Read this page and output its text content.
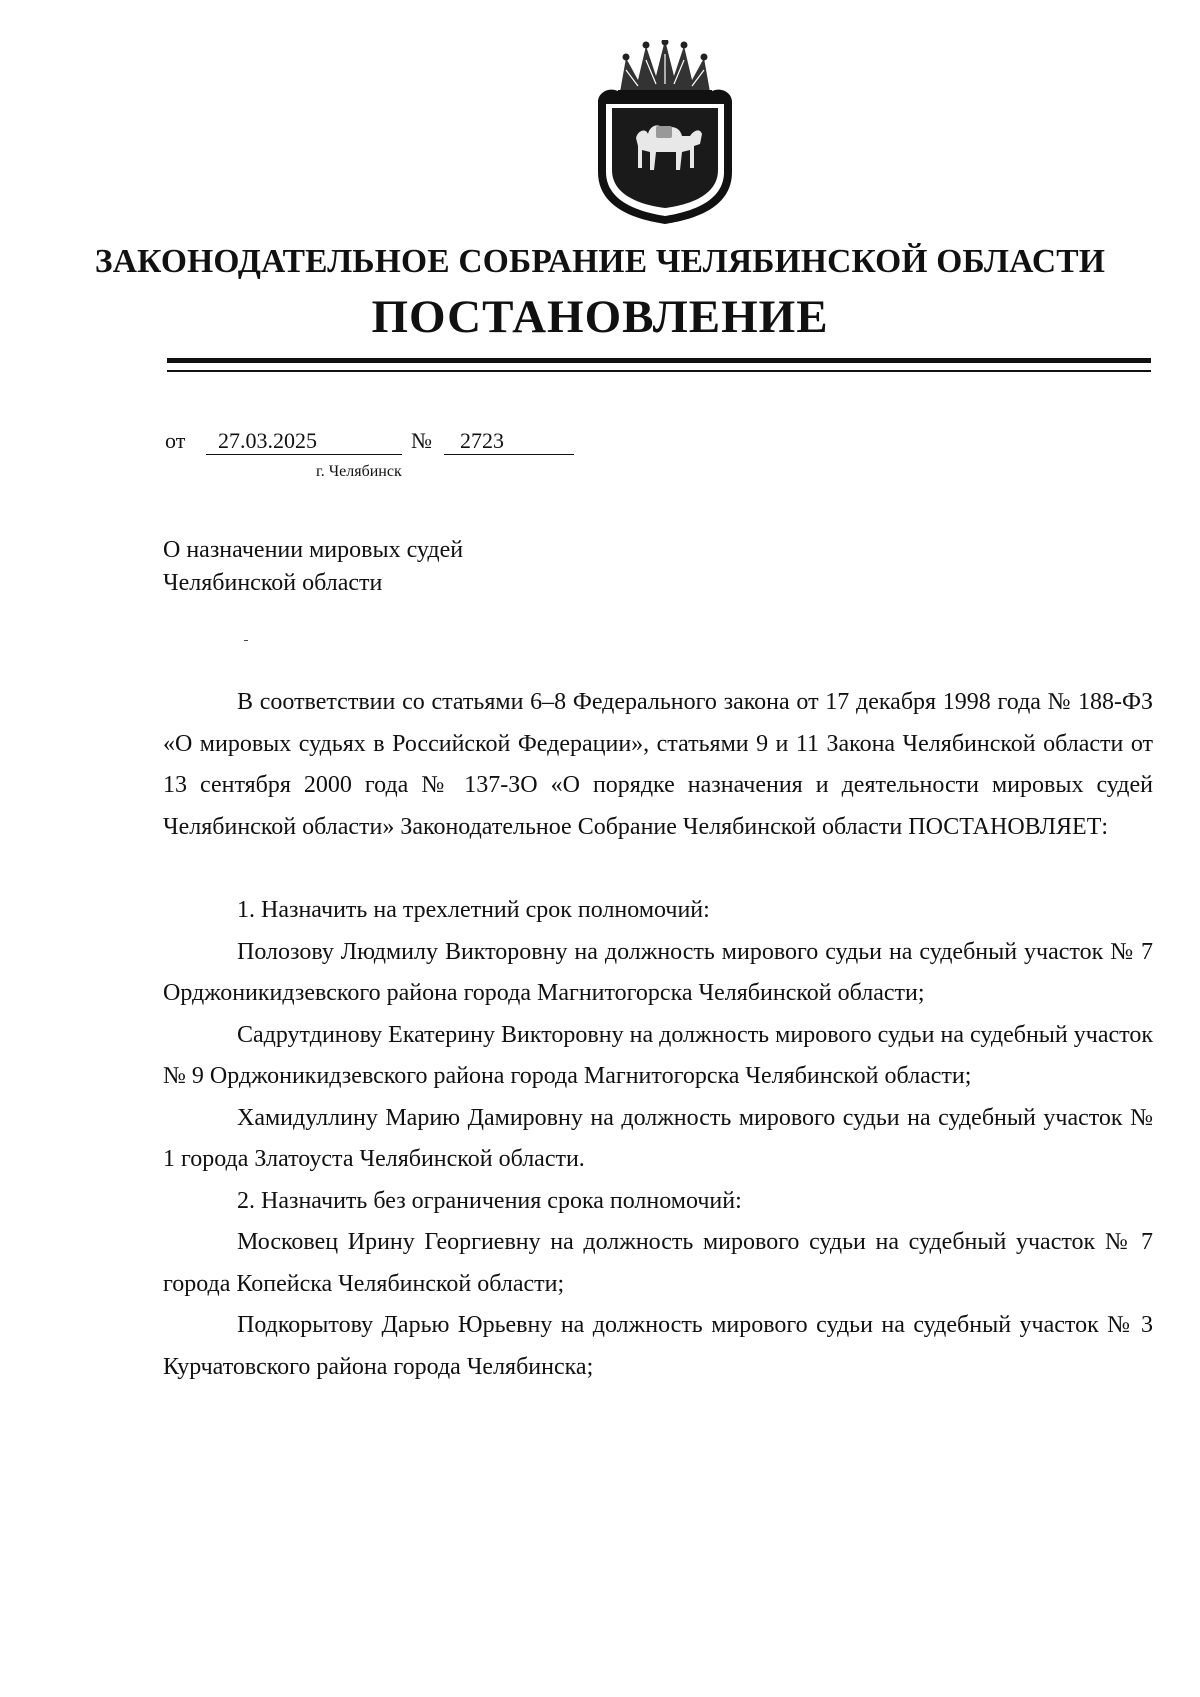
ЗАКОНОДАТЕЛЬНОЕ СОБРАНИЕ ЧЕЛЯБИНСКОЙ ОБЛАСТИ
ПОСТАНОВЛЕНИЕ
от	27.03.2025	№	2723
г. Челябинск
О назначении мировых судей
Челябинской области

В соответствии со статьями 6–8 Федерального закона от 17 декабря 1998 года № 188-ФЗ «О мировых судьях в Российской Федерации», статьями 9 и 11 Закона Челябинской области от 13 сентября 2000 года № 137-ЗО «О порядке назначения и деятельности мировых судей Челябинской области» Законодательное Собрание Челябинской области ПОСТАНОВЛЯЕТ:

1. Назначить на трехлетний срок полномочий:

Полозову Людмилу Викторовну на должность мирового судьи на судебный участок № 7 Орджоникидзевского района города Магнитогорска Челябинской области;

Садрутдинову Екатерину Викторовну на должность мирового судьи на судебный участок № 9 Орджоникидзевского района города Магнитогорска Челябинской области;

Хамидуллину Марию Дамировну на должность мирового судьи на судебный участок № 1 города Златоуста Челябинской области.

2. Назначить без ограничения срока полномочий:

Московец Ирину Георгиевну на должность мирового судьи на судебный участок № 7 города Копейска Челябинской области;

Подкорытову Дарью Юрьевну на должность мирового судьи на судебный участок № 3 Курчатовского района города Челябинска;
